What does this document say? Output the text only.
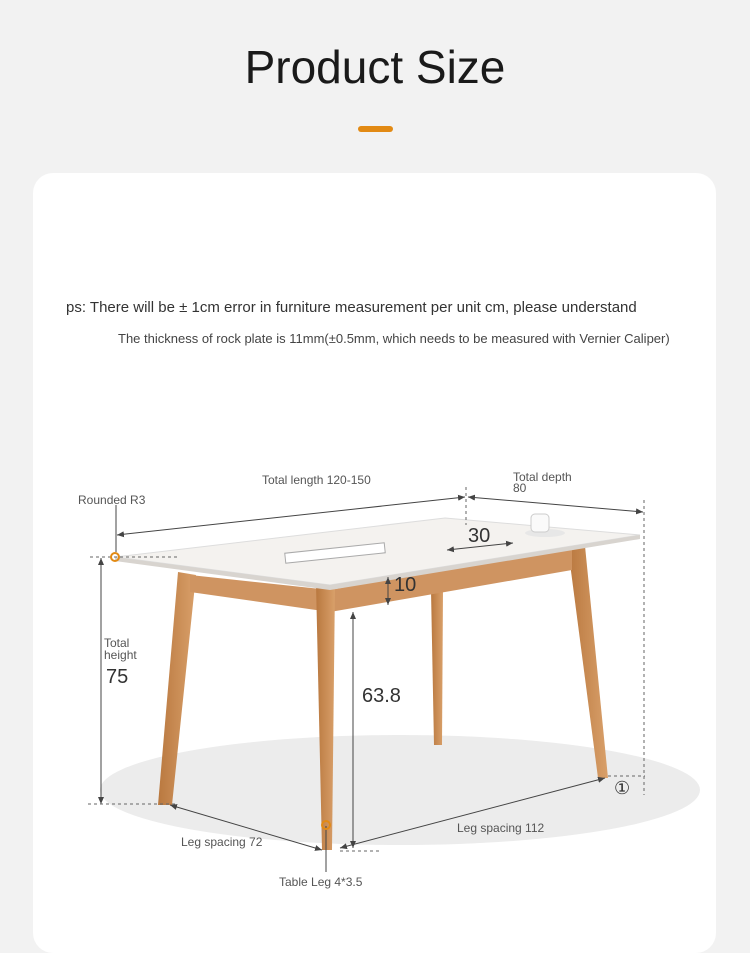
Product Size
ps: There will be ± 1cm error in furniture measurement per unit cm, please understand
The thickness of rock plate is 11mm(±0.5mm, which needs to be measured with Vernier Caliper)
Rounded R3
Total length 120-150	Total depth
80
30
10
Total height
75
63.8
Leg spacing 72
Leg spacing 112
Table Leg 4*3.5
①
